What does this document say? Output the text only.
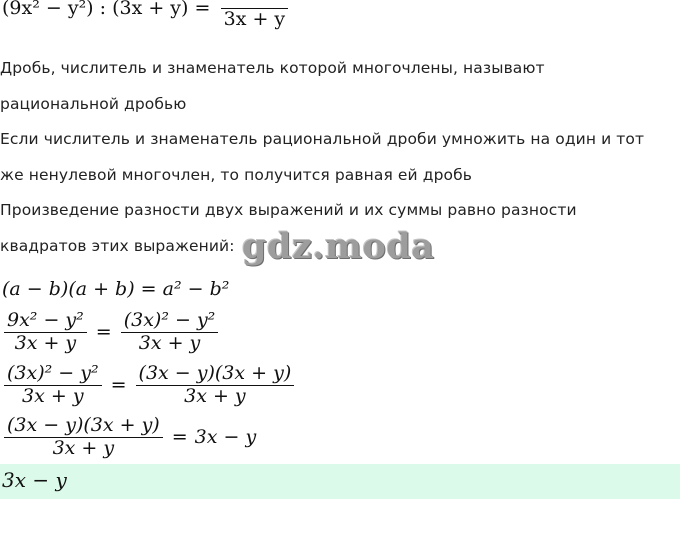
(9x² − y²) : (3x + y) =
3x + y

Дробь, числитель и знаменатель которой многочлены, называют

рациональной дробью

Если числитель и знаменатель рациональной дроби умножить на один и тот

же ненулевой многочлен, то получится равная ей дробь

Произведение разности двух выражений и их суммы равно разности

квадратов этих выражений: gdz.moda
(a − b)(a + b) = a² − b²
$\frac{\text{9x² − y²}}{3x + y} = \frac{\text{(3x)² − y²}}{3x + y}$
$\frac{\text{(3x)² − y²}}{3x + y} = \frac{(3x - y)(3x + y)}{3x + y}$
$\frac{(3x - y)(3x + y)}{3x + y} = 3x - y$
3x − y
